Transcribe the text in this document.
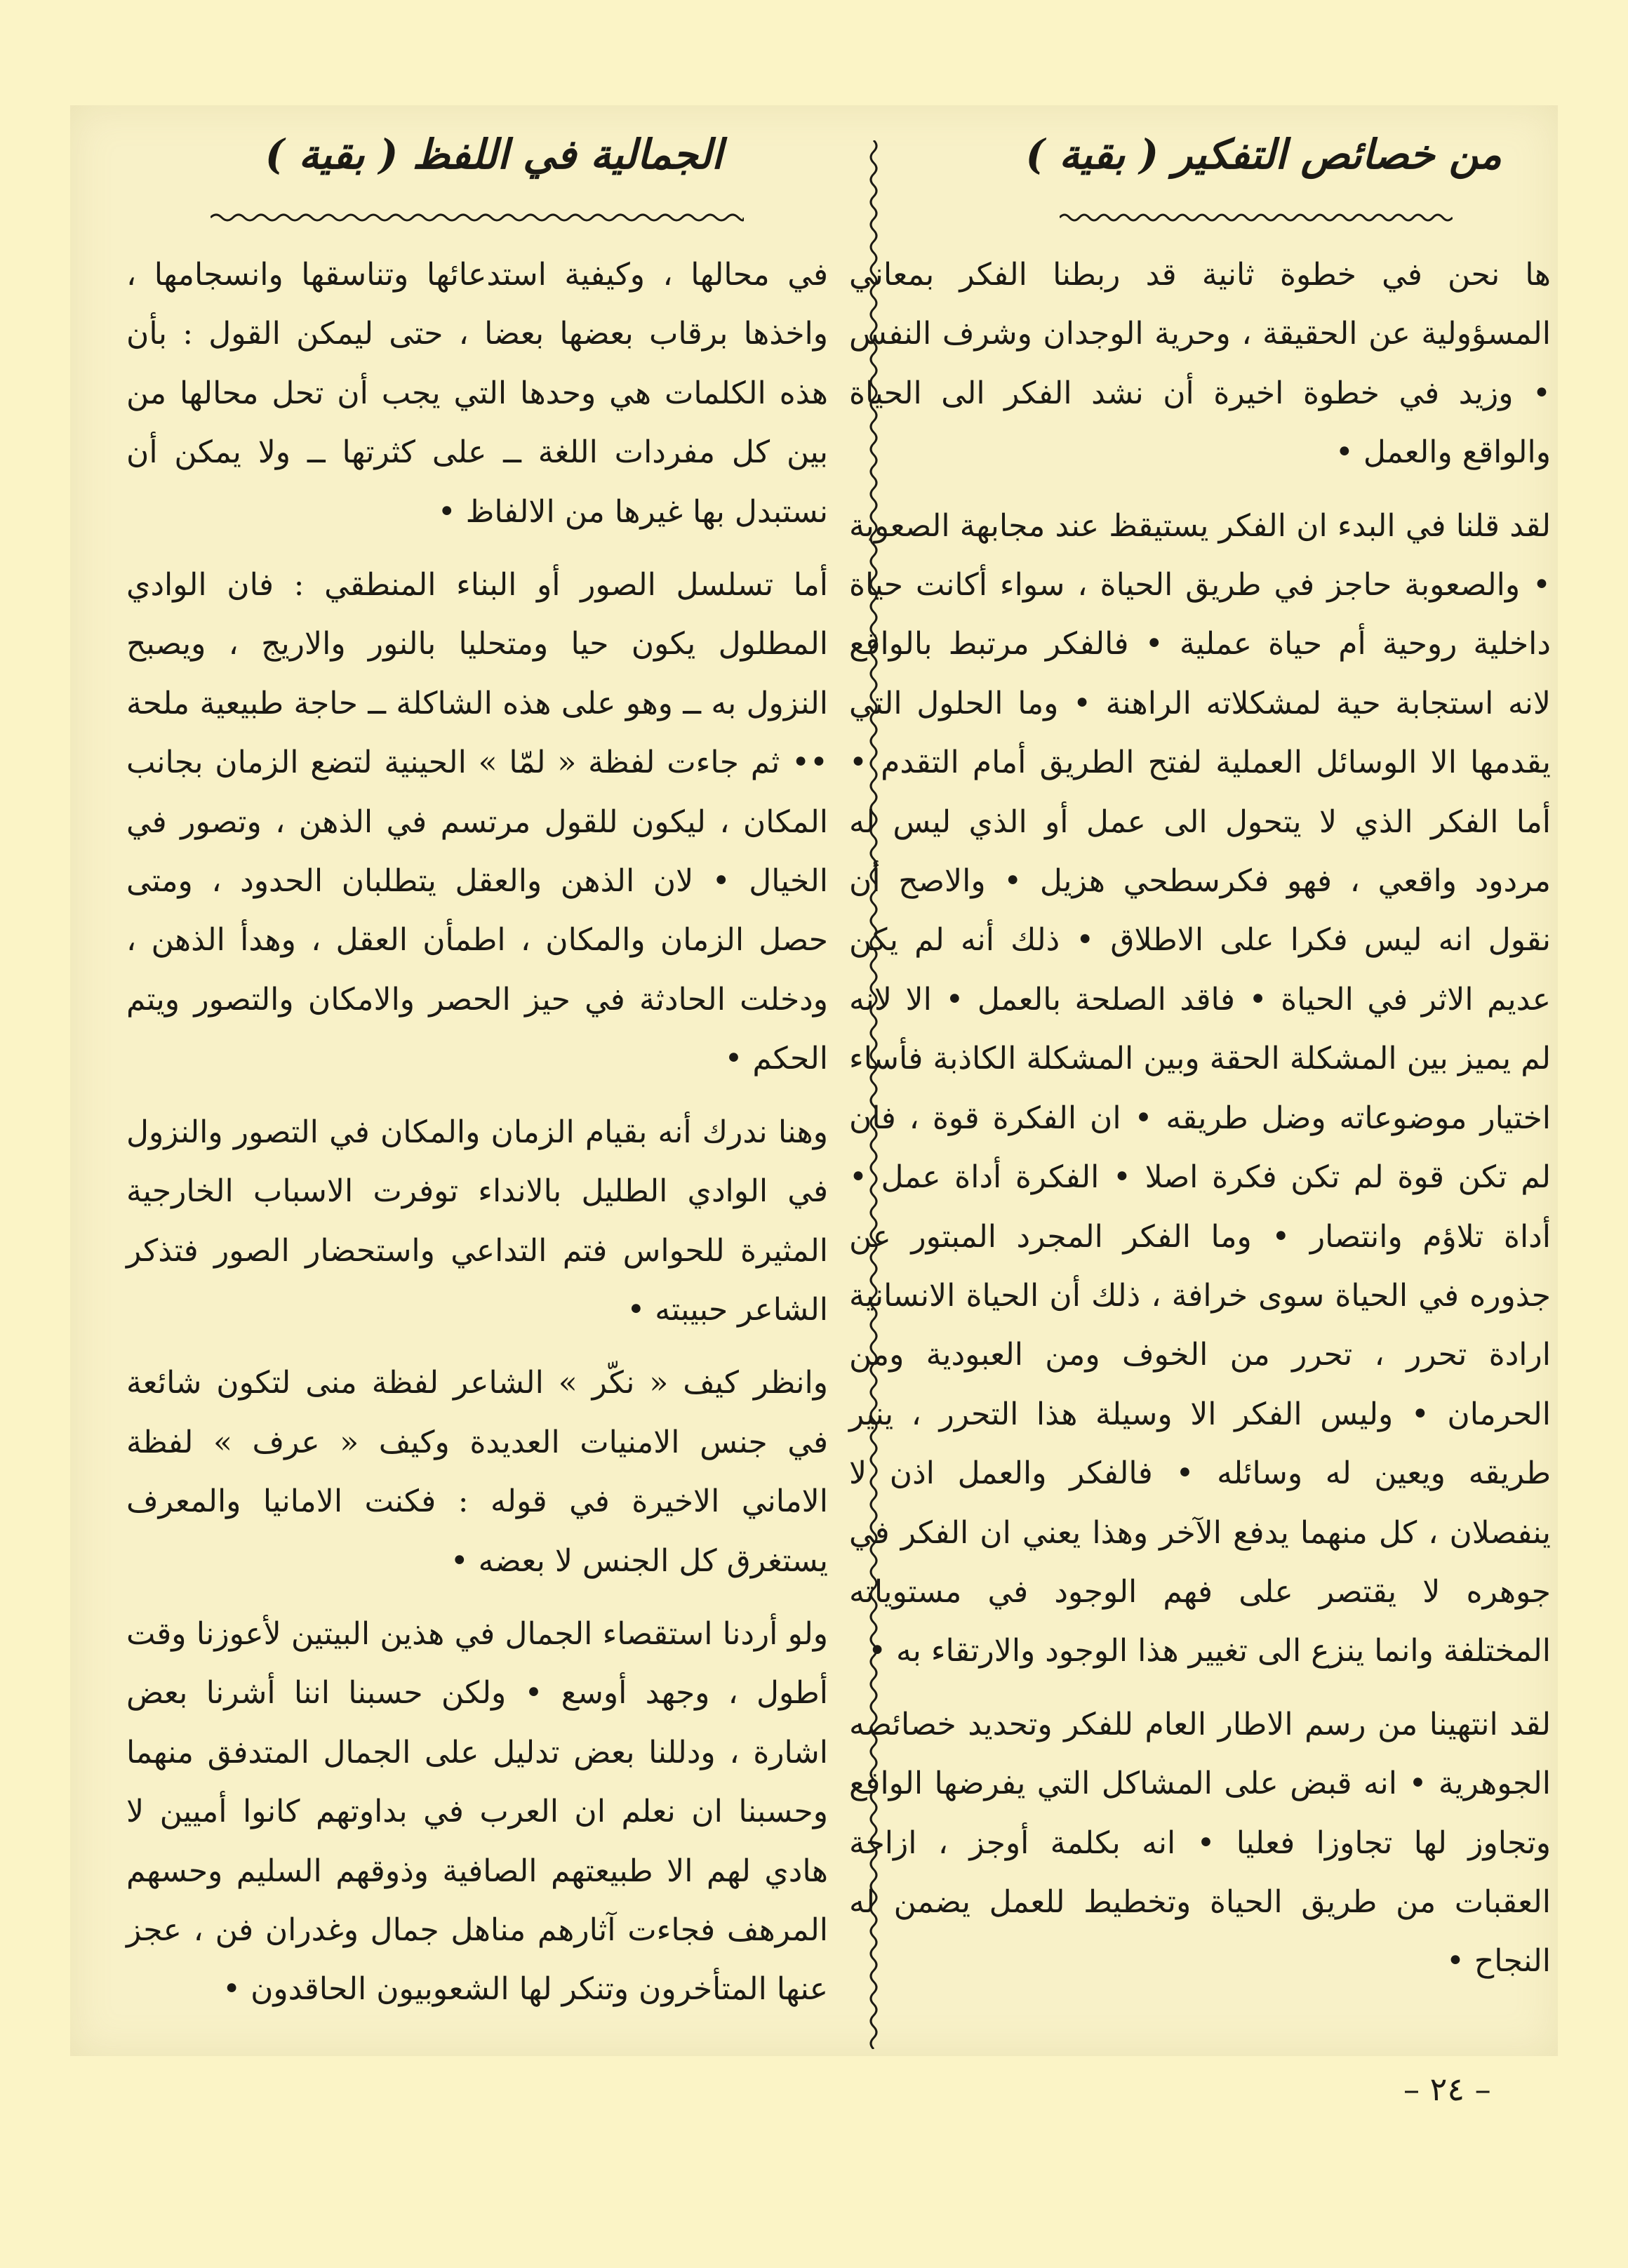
من خصائص التفكير ( بقية )

ها نحن في خطوة ثانية قد ربطنا الفكر بمعاني المسؤولية عن الحقيقة ، وحرية الوجدان وشرف النفس • وزيد في خطوة اخيرة أن نشد الفكر الى الحياة والواقع والعمل •

لقد قلنا في البدء ان الفكر يستيقظ عند مجابهة الصعوبة • والصعوبة حاجز في طريق الحياة ، سواء أكانت حياة داخلية روحية أم حياة عملية • فالفكر مرتبط بالواقع لانه استجابة حية لمشكلاته الراهنة • وما الحلول التي يقدمها الا الوسائل العملية لفتح الطريق أمام التقدم • أما الفكر الذي لا يتحول الى عمل أو الذي ليس له مردود واقعي ، فهو فكرسطحي هزيل • والاصح أن نقول انه ليس فكرا على الاطلاق • ذلك أنه لم يكن عديم الاثر في الحياة • فاقد الصلحة بالعمل • الا لانه لم يميز بين المشكلة الحقة وبين المشكلة الكاذبة فأساء اختيار موضوعاته وضل طريقه • ان الفكرة قوة ، فان لم تكن قوة لم تكن فكرة اصلا • الفكرة أداة عمل • أداة تلاؤم وانتصار • وما الفكر المجرد المبتور عن جذوره في الحياة سوى خرافة ، ذلك أن الحياة الانسانية ارادة تحرر ، تحرر من الخوف ومن العبودية ومن الحرمان • وليس الفكر الا وسيلة هذا التحرر ، ينير طريقه ويعين له وسائله • فالفكر والعمل اذن لا ينفصلان ، كل منهما يدفع الآخر وهذا يعني ان الفكر في جوهره لا يقتصر على فهم الوجود في مستوياته المختلفة وانما ينزع الى تغيير هذا الوجود والارتقاء به •

لقد انتهينا من رسم الاطار العام للفكر وتحديد خصائصه الجوهرية • انه قبض على المشاكل التي يفرضها الواقع وتجاوز لها تجاوزا فعليا • انه بكلمة أوجز ، ازاحة العقبات من طريق الحياة وتخطيط للعمل يضمن له النجاح •

الجمالية في اللفظ ( بقية )

في محالها ، وكيفية استدعائها وتناسقها وانسجامها ، واخذها برقاب بعضها بعضا ، حتى ليمكن القول : بأن هذه الكلمات هي وحدها التي يجب أن تحل محالها من بين كل مفردات اللغة ــ على كثرتها ــ ولا يمكن أن نستبدل بها غيرها من الالفاظ •

أما تسلسل الصور أو البناء المنطقي : فان الوادي المطلول يكون حيا ومتحليا بالنور والاريج ، ويصبح النزول به ــ وهو على هذه الشاكلة ــ حاجة طبيعية ملحة •• ثم جاءت لفظة « لمّا » الحينية لتضع الزمان بجانب المكان ، ليكون للقول مرتسم في الذهن ، وتصور في الخيال • لان الذهن والعقل يتطلبان الحدود ، ومتى حصل الزمان والمكان ، اطمأن العقل ، وهدأ الذهن ، ودخلت الحادثة في حيز الحصر والامكان والتصور ويتم الحكم •

وهنا ندرك أنه بقيام الزمان والمكان في التصور والنزول في الوادي الطليل بالانداء توفرت الاسباب الخارجية المثيرة للحواس فتم التداعي واستحضار الصور فتذكر الشاعر حبيبته •

وانظر كيف « نكّر » الشاعر لفظة منى لتكون شائعة في جنس الامنيات العديدة وكيف « عرف » لفظة الاماني الاخيرة في قوله : فكنت الامانيا والمعرف يستغرق كل الجنس لا بعضه •

ولو أردنا استقصاء الجمال في هذين البيتين لأعوزنا وقت أطول ، وجهد أوسع • ولكن حسبنا اننا أشرنا بعض اشارة ، ودللنا بعض تدليل على الجمال المتدفق منهما وحسبنا ان نعلم ان العرب في بداوتهم كانوا أميين لا هادي لهم الا طبيعتهم الصافية وذوقهم السليم وحسهم المرهف فجاءت آثارهم مناهل جمال وغدران فن ، عجز عنها المتأخرون وتنكر لها الشعوبيون الحاقدون •

– ٢٤ –
